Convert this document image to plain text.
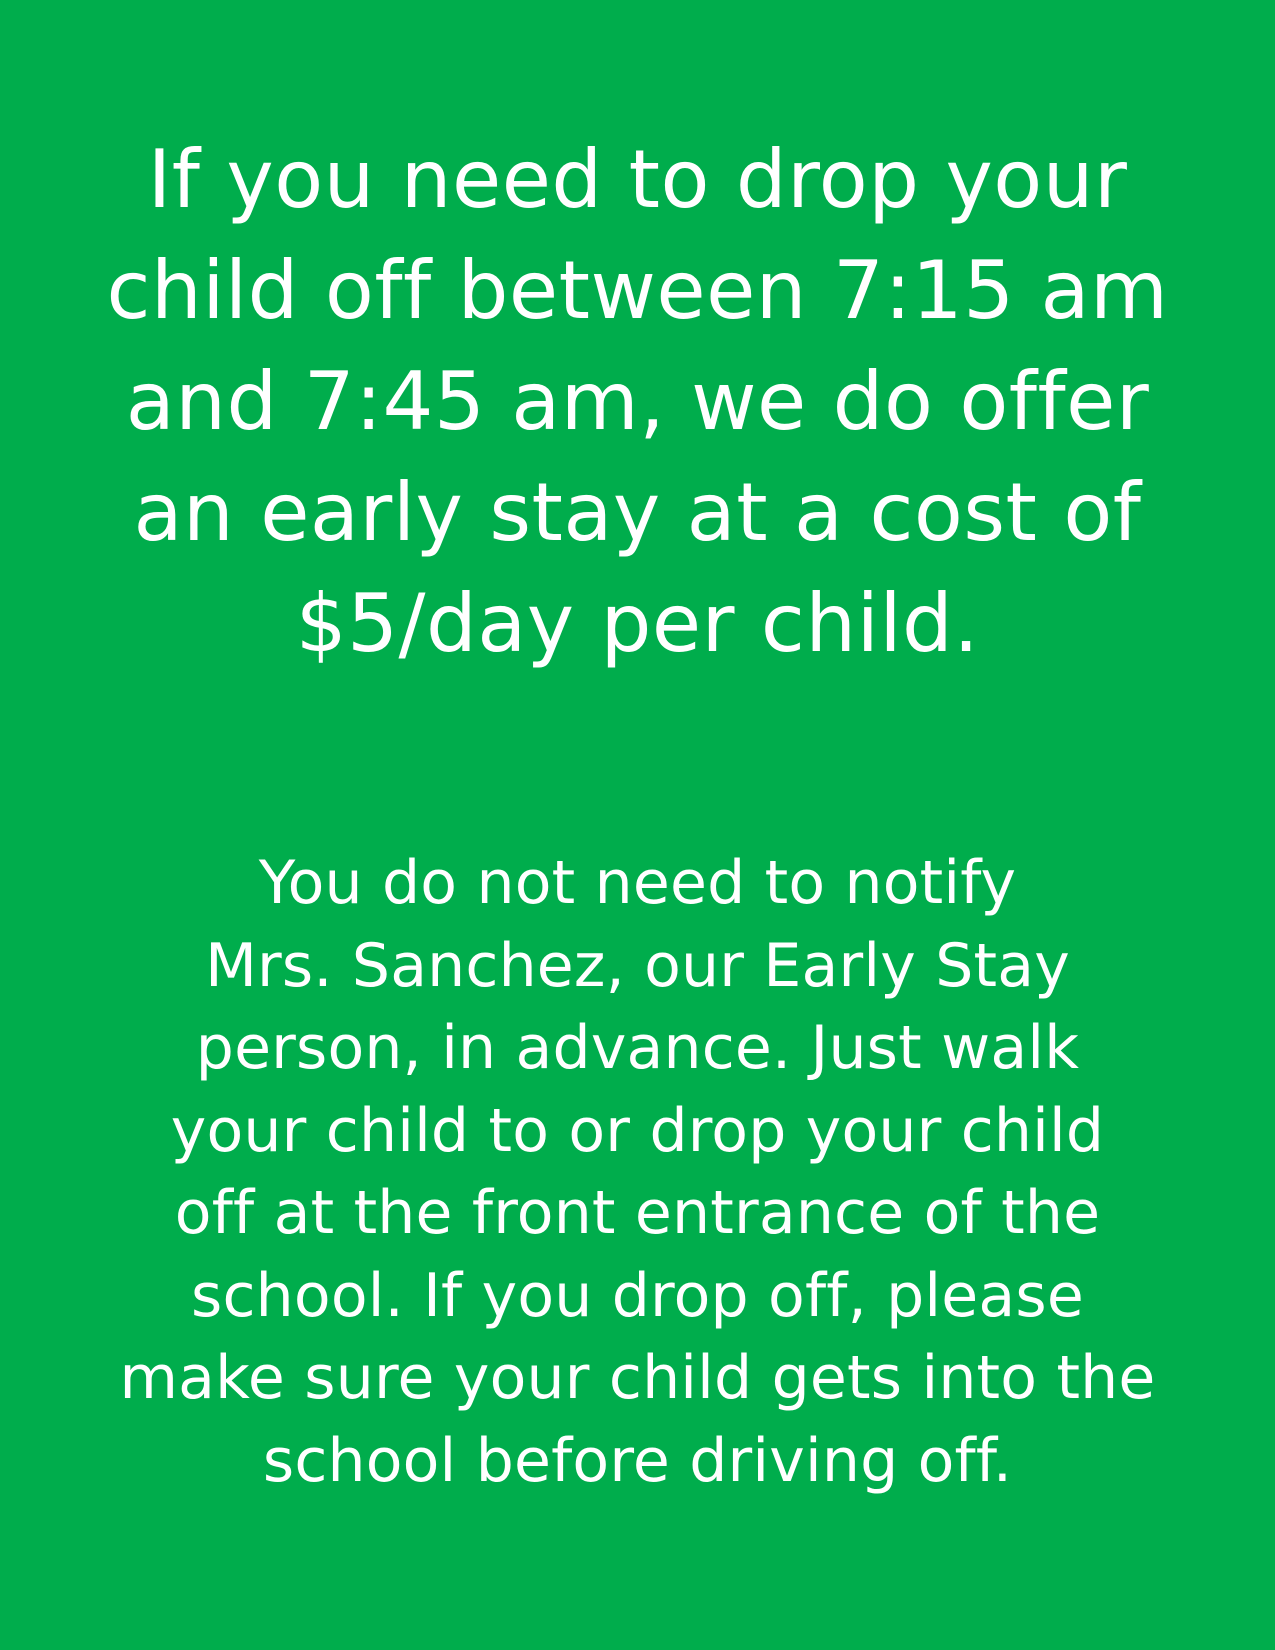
If you need to drop your
child off between 7:15 am
and 7:45 am, we do offer
an early stay at a cost of
$5/day per child.

You do not need to notify
Mrs. Sanchez, our Early Stay
person, in advance. Just walk
your child to or drop your child
off at the front entrance of the
school. If you drop off, please
make sure your child gets into the
school before driving off.
